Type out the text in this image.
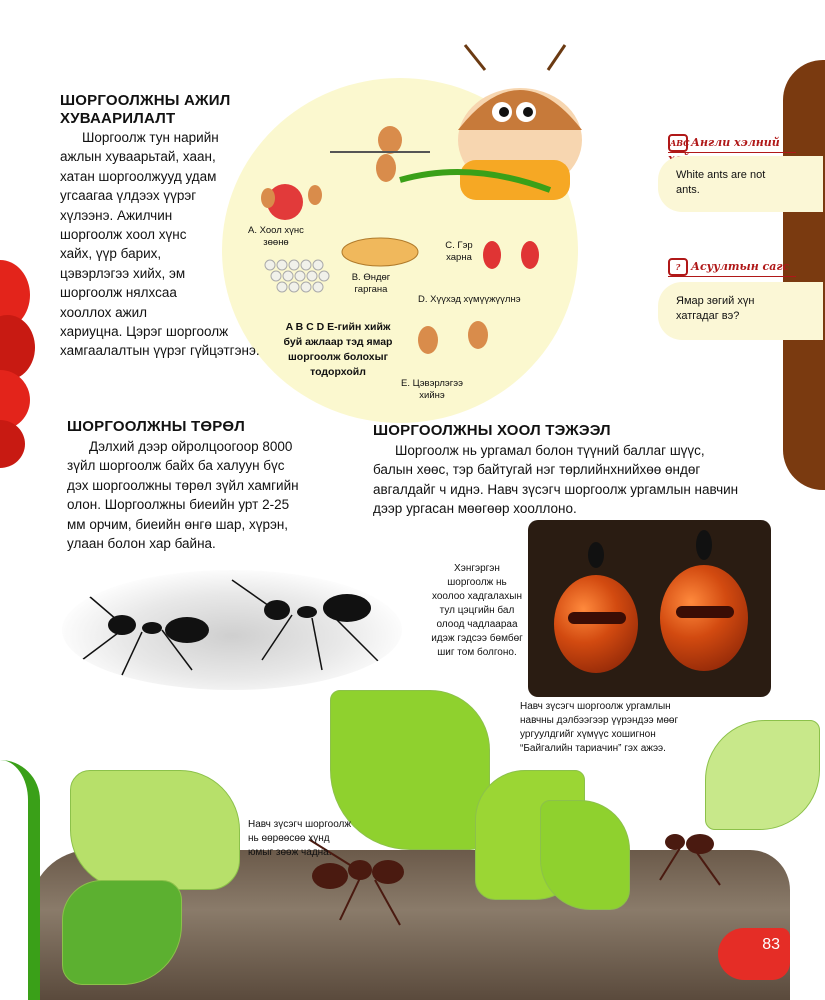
ШОРГООЛЖНЫ АЖИЛ
ХУВААРИЛАЛТ
Шоргоолж тун нарийн
ажлын хуваарьтай, хаан,
хатан шоргоолжууд удам
угсаагаа үлдээх үүрэг
хүлээнэ. Ажилчин
шоргоолж хоол хүнс
хайх, үүр барих,
цэвэрлэгээ хийх, эм
шоргоолж нялхсаа
хооллох ажил
хариуцна. Цэрэг шоргоолж
хамгаалалтын үүрэг гүйцэтгэнэ.
A. Хоол хүнс
зөөнө
B. Өндөг
гаргана
C. Гэр
харна
D. Хүүхэд хүмүүжүүлнэ
E. Цэвэрлэгээ
хийнэ
A B C D E-гийн хийж
буй ажлаар тэд ямар
шоргоолж болохыг
тодорхойл
ABC Англи хэлний
White ants are not
ants.
? Асуултын сагс
Ямар зөгий хүн
хатгадаг вэ?
ШОРГООЛЖНЫ ТӨРӨЛ
Дэлхий дээр ойролцоогоор 8000
зүйл шоргоолж байх ба халуун бүс
дэх шоргоолжны төрөл зүйл хамгийн
олон. Шоргоолжны биеийн урт 2-25
мм орчим, биеийн өнгө шар, хүрэн,
улаан болон хар байна.
ШОРГООЛЖНЫ ХООЛ ТЭЖЭЭЛ
Шоргоолж нь ургамал болон түүний баллаг шүүс,
балын хөөс, тэр байтугай нэг төрлийнхнийхөө өндөг
авгалдайг ч иднэ. Навч зүсэгч шоргоолж ургамлын навчин
дээр ургасан мөөгөөр хооллоно.
Хэнгэргэн
шоргоолж нь
хоолоо хадгалахын
тул цэцгийн бал
олоод чадлаараа
идэж гэдсээ бөмбөг
шиг том болгоно.
Навч зүсэгч шоргоолж ургамлын
навчны дэлбээгээр үүрэндээ мөөг
ургуулдгийг хүмүүс хошигнон
“Байгалийн тариачин” гэх ажээ.
Навч зүсэгч шоргоолж
нь өөрөөсөө хүнд
юмыг зөөж чадна.
83
